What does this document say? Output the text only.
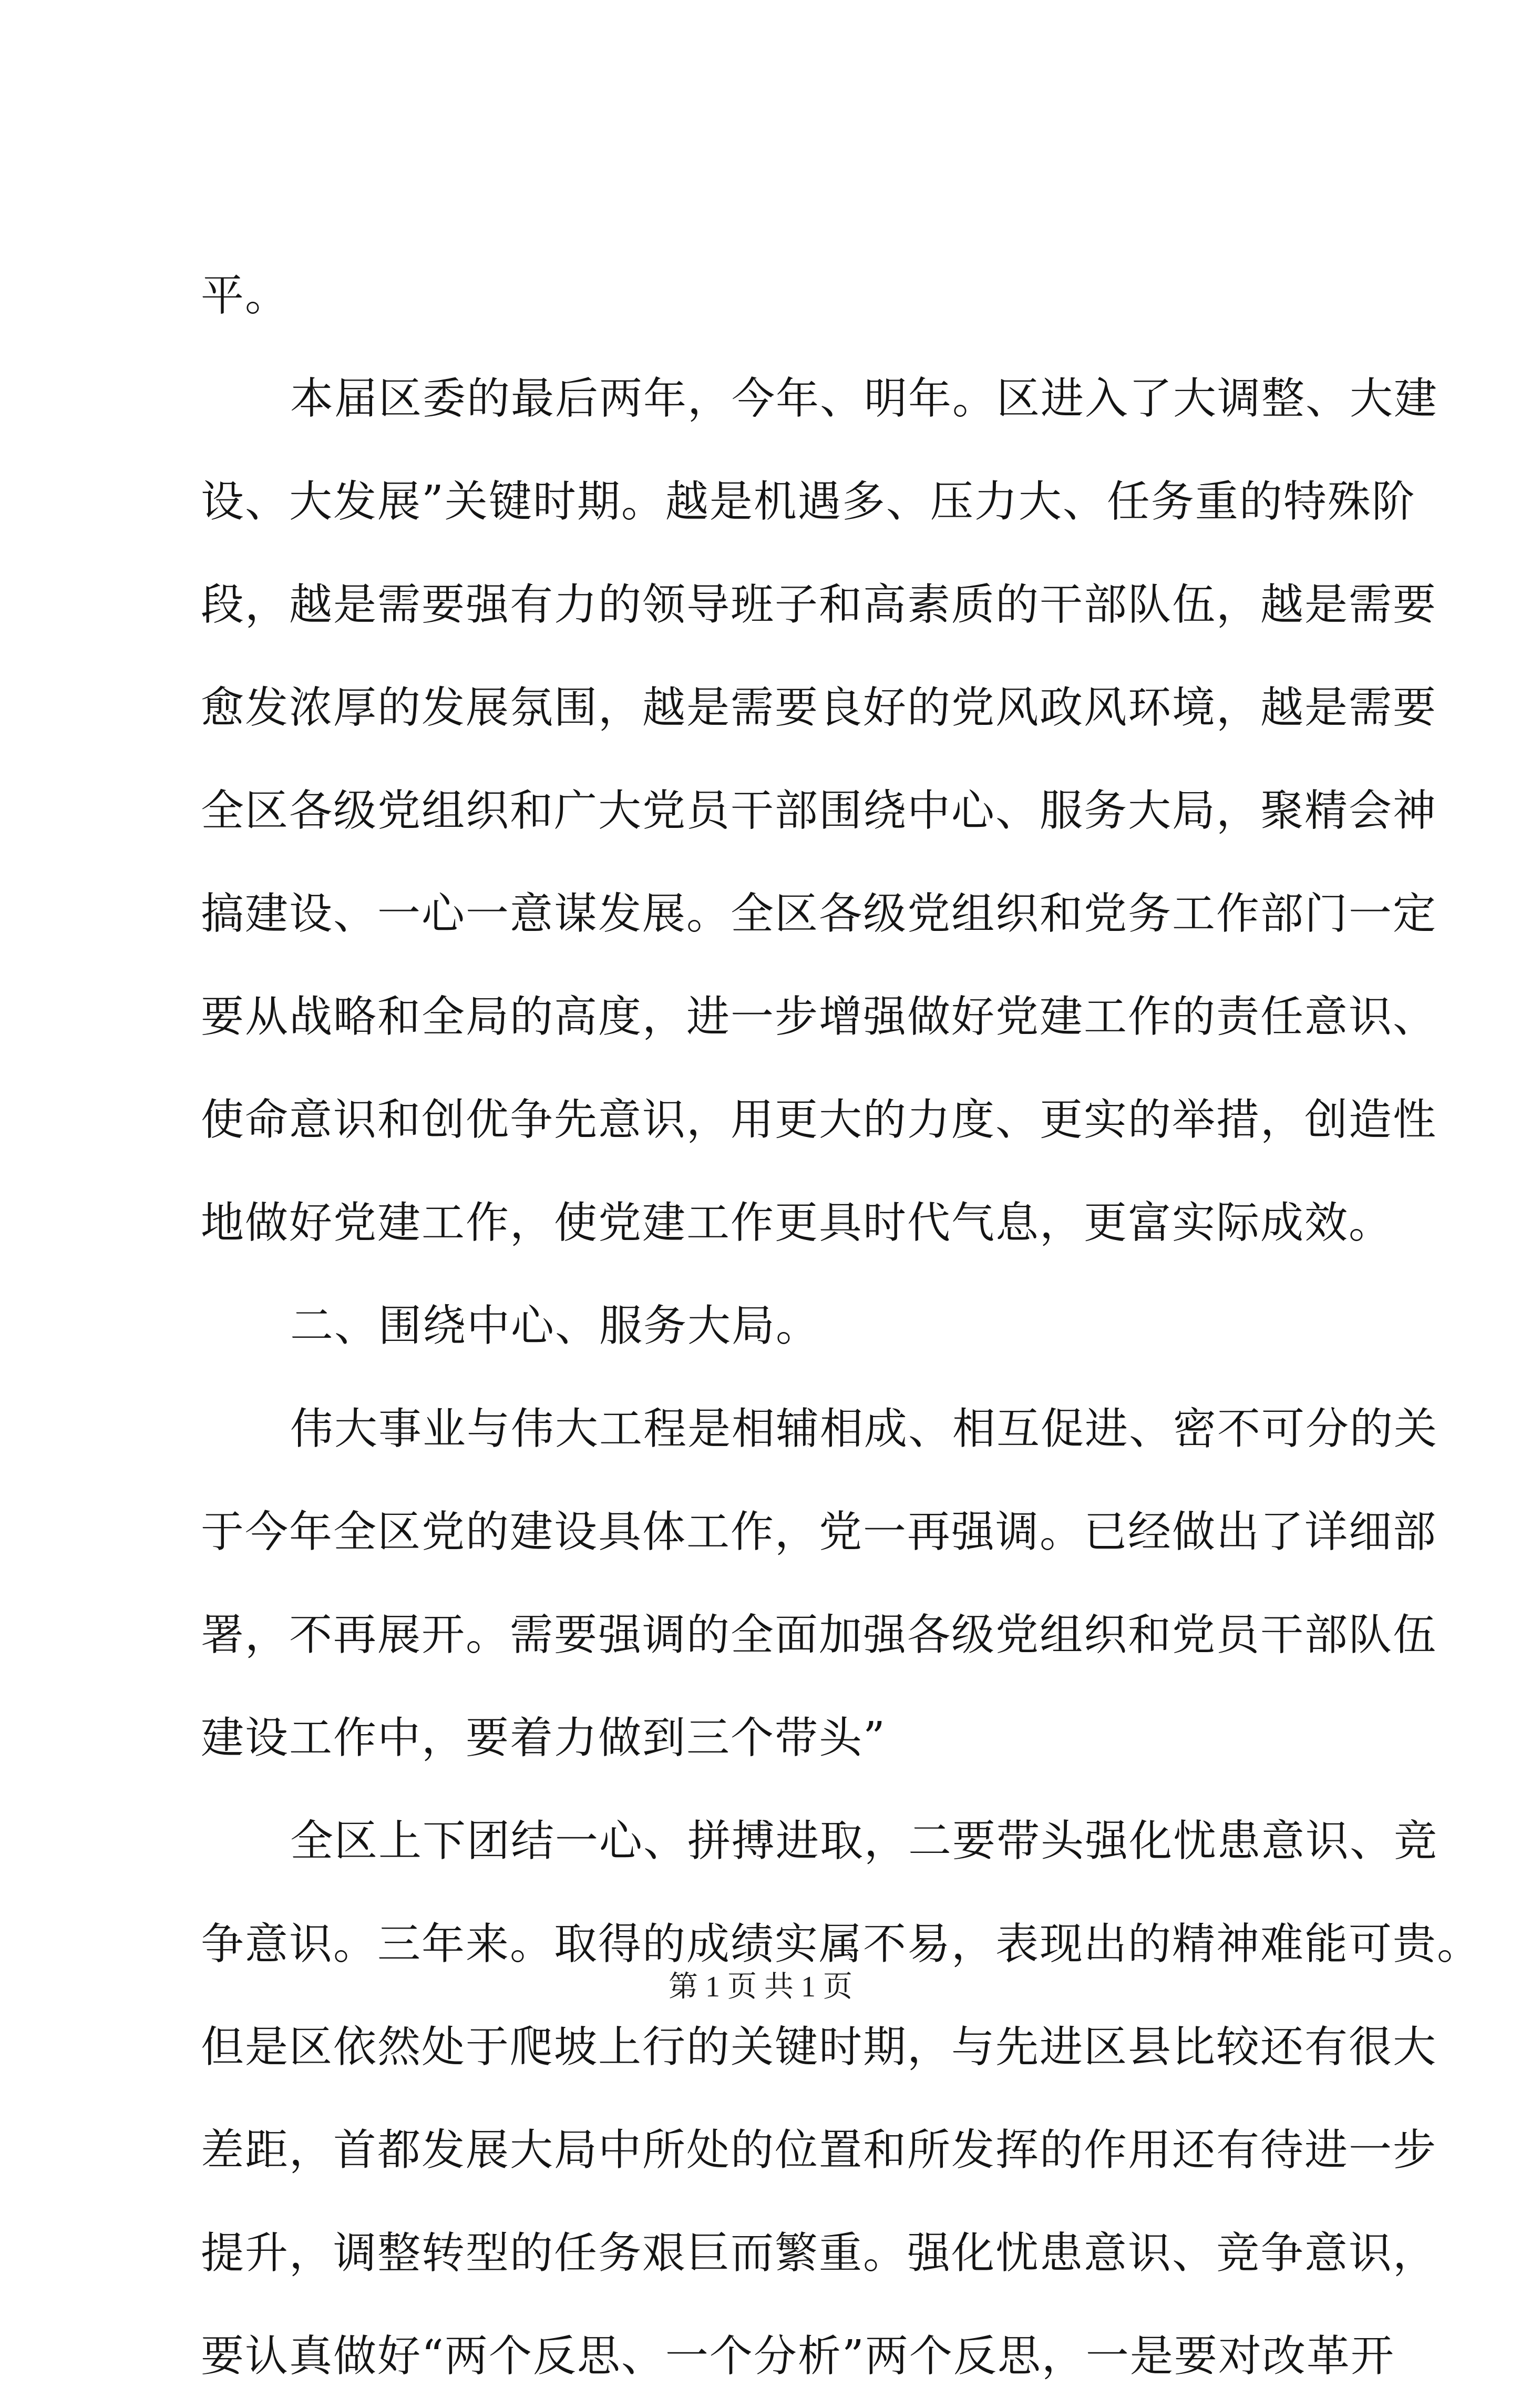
平。
本届区委的最后两年，今年、明年。区进入了大调整、大建
设、大发展”关键时期。越是机遇多、压力大、任务重的特殊阶
段，越是需要强有力的领导班子和高素质的干部队伍，越是需要
愈发浓厚的发展氛围，越是需要良好的党风政风环境，越是需要
全区各级党组织和广大党员干部围绕中心、服务大局，聚精会神
搞建设、一心一意谋发展。全区各级党组织和党务工作部门一定
要从战略和全局的高度，进一步增强做好党建工作的责任意识、
使命意识和创优争先意识，用更大的力度、更实的举措，创造性
地做好党建工作，使党建工作更具时代气息，更富实际成效。
二、围绕中心、服务大局。
伟大事业与伟大工程是相辅相成、相互促进、密不可分的关
于今年全区党的建设具体工作，党一再强调。已经做出了详细部
署，不再展开。需要强调的全面加强各级党组织和党员干部队伍
建设工作中，要着力做到三个带头”
全区上下团结一心、拼搏进取，二要带头强化忧患意识、竞
争意识。三年来。取得的成绩实属不易，表现出的精神难能可贵。
但是区依然处于爬坡上行的关键时期，与先进区县比较还有很大
差距，首都发展大局中所处的位置和所发挥的作用还有待进一步
提升，调整转型的任务艰巨而繁重。强化忧患意识、竞争意识，
要认真做好“两个反思、一个分析”两个反思，一是要对改革开
第 1 页 共 1 页
